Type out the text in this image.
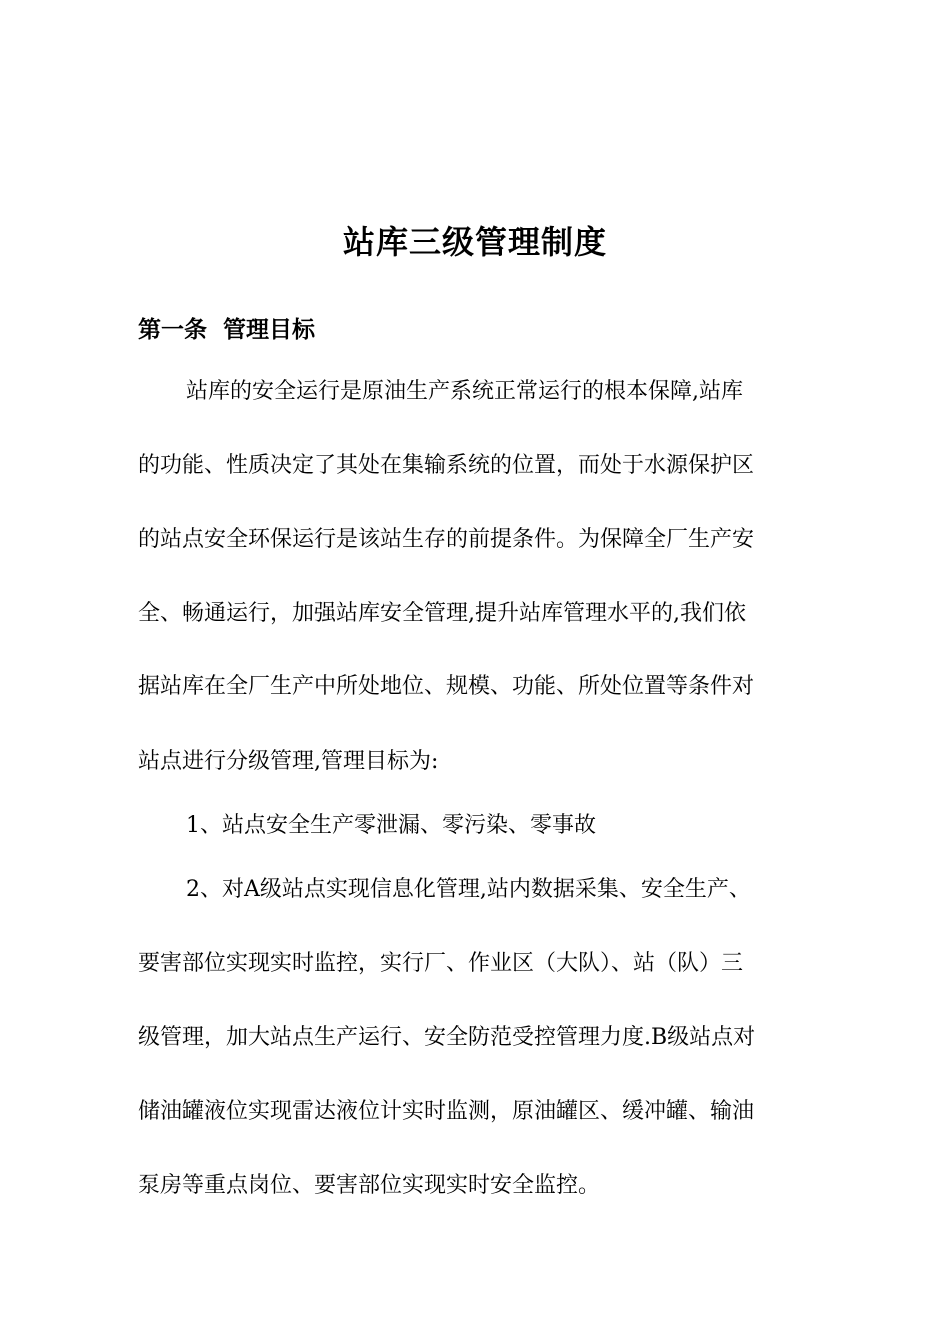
站库三级管理制度
第一条  管理目标

站库的安全运行是原油生产系统正常运行的根本保障,站库

的功能、性质决定了其处在集输系统的位置，而处于水源保护区

的站点安全环保运行是该站生存的前提条件。为保障全厂生产安

全、畅通运行，加强站库安全管理,提升站库管理水平的,我们依

据站库在全厂生产中所处地位、规模、功能、所处位置等条件对

站点进行分级管理,管理目标为:

1、站点安全生产零泄漏、零污染、零事故

2、对A级站点实现信息化管理,站内数据采集、安全生产、

要害部位实现实时监控，实行厂、作业区（大队）、站（队）三

级管理，加大站点生产运行、安全防范受控管理力度.B级站点对

储油罐液位实现雷达液位计实时监测，原油罐区、缓冲罐、输油

泵房等重点岗位、要害部位实现实时安全监控。
